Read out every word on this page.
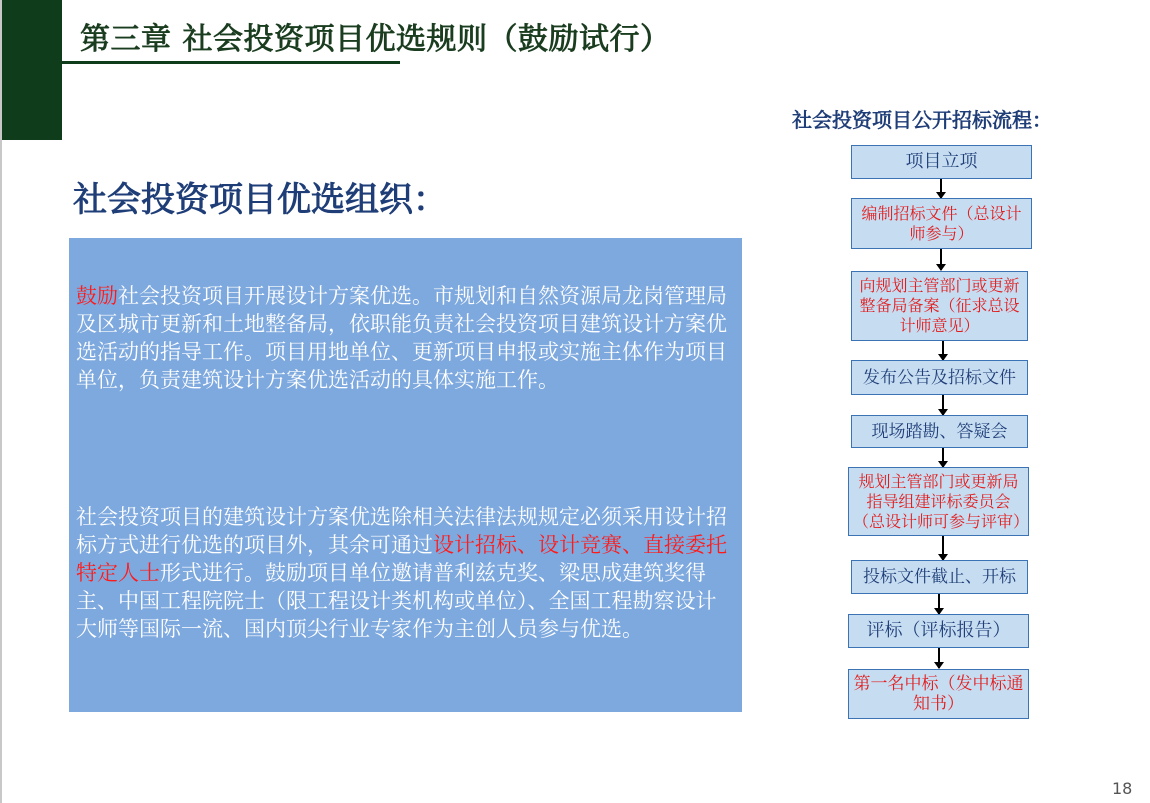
第三章 社会投资项目优选规则（鼓励试行）
社会投资项目优选组织：
鼓励社会投资项目开展设计方案优选。市规划和自然资源局龙岗管理局及区城市更新和土地整备局，依职能负责社会投资项目建筑设计方案优选活动的指导工作。项目用地单位、更新项目申报或实施主体作为项目单位，负责建筑设计方案优选活动的具体实施工作。
社会投资项目的建筑设计方案优选除相关法律法规规定必须采用设计招标方式进行优选的项目外，其余可通过设计招标、设计竞赛、直接委托特定人士形式进行。鼓励项目单位邀请普利兹克奖、梁思成建筑奖得主、中国工程院院士（限工程设计类机构或单位）、全国工程勘察设计大师等国际一流、国内顶尖行业专家作为主创人员参与优选。
社会投资项目公开招标流程：
项目立项
编制招标文件（总设计师参与）
向规划主管部门或更新整备局备案（征求总设计师意见）
发布公告及招标文件
现场踏勘、答疑会
规划主管部门或更新局指导组建评标委员会（总设计师可参与评审）
投标文件截止、开标
评标（评标报告）
第一名中标（发中标通知书）
18
